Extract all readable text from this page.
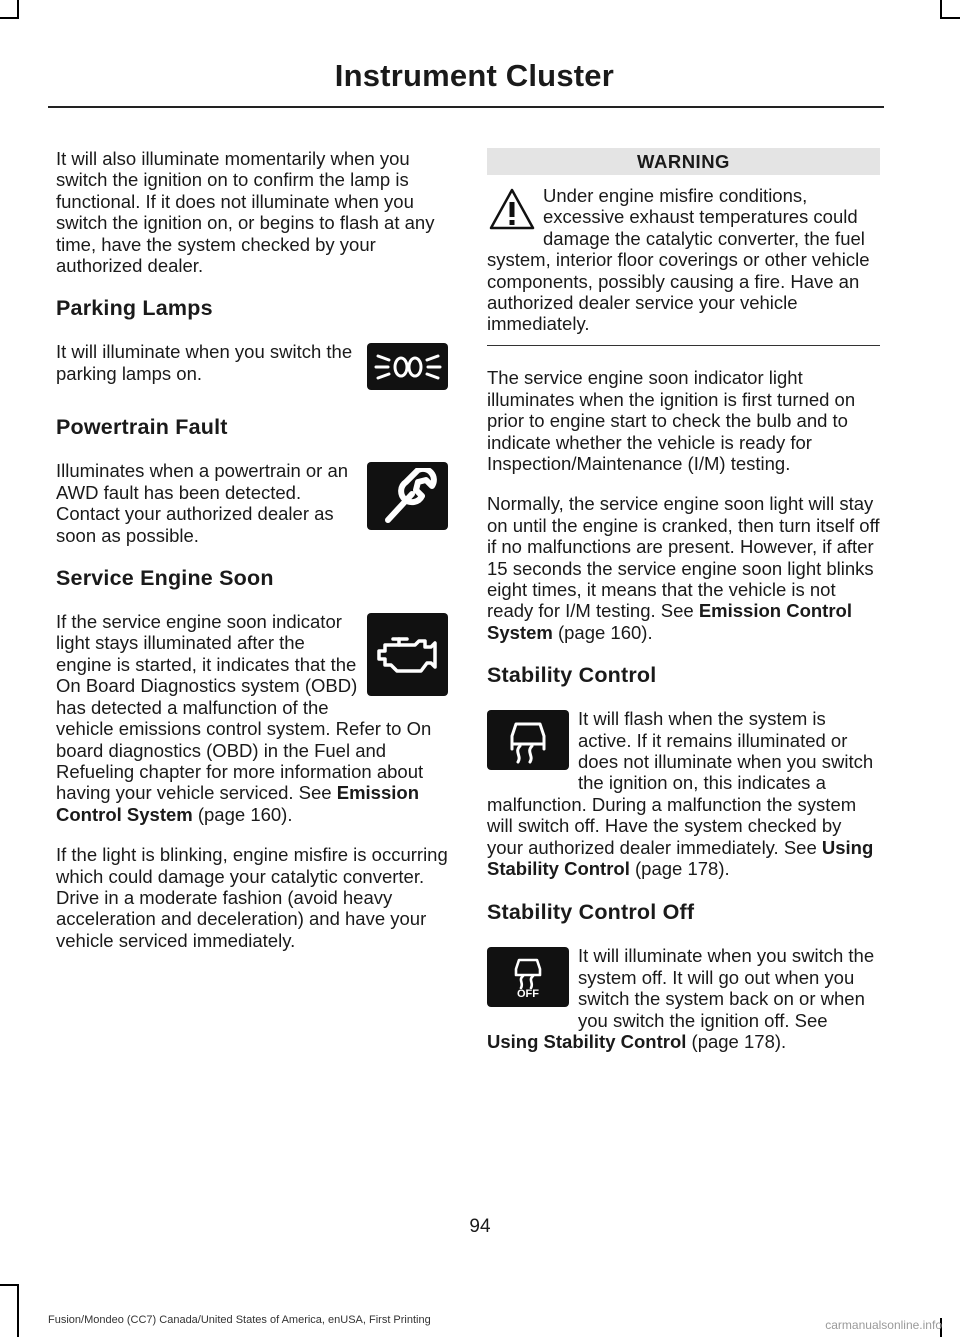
Instrument Cluster

It will also illuminate momentarily when you switch the ignition on to confirm the lamp is functional. If it does not illuminate when you switch the ignition on, or begins to flash at any time, have the system checked by your authorized dealer.

Parking Lamps

It will illuminate when you switch the parking lamps on.

Powertrain Fault

Illuminates when a powertrain or an AWD fault has been detected. Contact your authorized dealer as soon as possible.

Service Engine Soon

If the service engine soon indicator light stays illuminated after the engine is started, it indicates that the On Board Diagnostics system (OBD) has detected a malfunction of the vehicle emissions control system. Refer to On board diagnostics (OBD) in the Fuel and Refueling chapter for more information about having your vehicle serviced. See Emission Control System (page 160).

If the light is blinking, engine misfire is occurring which could damage your catalytic converter. Drive in a moderate fashion (avoid heavy acceleration and deceleration) and have your vehicle serviced immediately.

WARNING

Under engine misfire conditions, excessive exhaust temperatures could damage the catalytic converter, the fuel system, interior floor coverings or other vehicle components, possibly causing a fire. Have an authorized dealer service your vehicle immediately.

The service engine soon indicator light illuminates when the ignition is first turned on prior to engine start to check the bulb and to indicate whether the vehicle is ready for Inspection/Maintenance (I/M) testing.

Normally, the service engine soon light will stay on until the engine is cranked, then turn itself off if no malfunctions are present. However, if after 15 seconds the service engine soon light blinks eight times, it means that the vehicle is not ready for I/M testing. See Emission Control System (page 160).

Stability Control

It will flash when the system is active. If it remains illuminated or does not illuminate when you switch the ignition on, this indicates a malfunction. During a malfunction the system will switch off. Have the system checked by your authorized dealer immediately. See Using Stability Control (page 178).

Stability Control Off
OFF

It will illuminate when you switch the system off. It will go out when you switch the system back on or when you switch the ignition off. See Using Stability Control (page 178).

94
Fusion/Mondeo (CC7) Canada/United States of America, enUSA, First Printing	carmanualsonline.info
